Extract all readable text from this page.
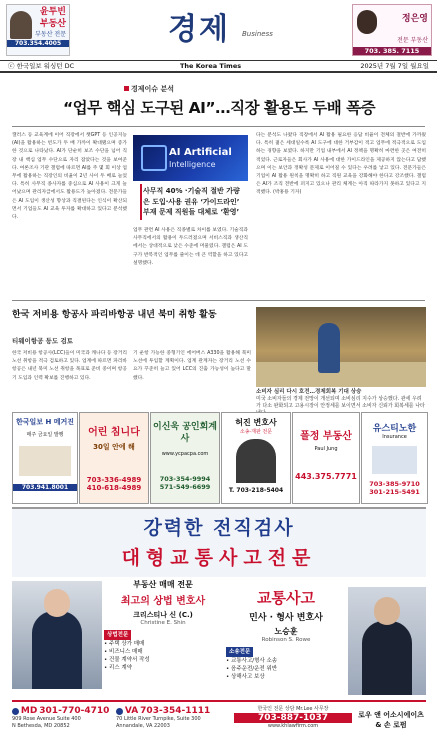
윤투빈
부동산
부동산 전문
703.354.4005	경제 Business
정은영
전문 부동산
703. 385. 7115
ⓒ 한국일보 워싱턴 DC	The Korea Times	2025년 7월 7일 월요일
경제이슈 분석
“업무 핵심 도구된 AI”…직장 활용도 두배 폭증
캘러스 등 교육계에 이어 직장에서 챗GPT 등 인공지능(AI)을 활용하는 빈도가 두 배 가까이 확대됐으며 증가한 것으로 나타났다. AI가 단순히 보조 수단을 넘어 직장 내 핵심 업무 수단으로 자리 잡았다는 것을 보여준다. 여론조사 기관 갤럽에 따르면 AI를 주 몇 회 이상 업무에 활용하는 직장인의 비율이 2년 사이 두 배로 늘었다. 특히 사무직 종사자를 중심으로 AI 사용이 크게 늘어났으며 관리자급에서도 활용도가 높아졌다. 전문가들은 AI 도입이 생산성 향상과 직결된다는 인식이 확산되면서 기업들도 AI 교육 투자를 확대하고 있다고 분석했다.
AI Artificial
Intelligence
사무직 40% ·기술직 절반 가량은 도입·사용 권유 ‘가이드라인’ 부재 문제 직원들 대체로 ‘환영’
업무 관련 AI 사용은 직종별로 차이를 보였다. 기술직과 사무직에서의 활용이 두드러졌으며 서비스직과 생산직에서는 상대적으로 낮은 수준에 머물렀다. 갤럽은 AI 도구가 반복적인 업무를 줄이는 데 큰 역할을 하고 있다고 설명했다.
다는 분석도 나왔다 직장에서 AI 활용 필요한 응답 비율이 전체의 절반에 가까웠다. 특히 젊은 세대일수록 AI 도구에 대한 거부감이 적고 업무에 적극적으로 도입하는 경향을 보였다. 하지만 기업 내부에서 AI 정책을 명확히 마련한 곳은 여전히 적었다. 근로자들은 회사가 AI 사용에 대한 가이드라인을 제공하지 않는다고 답했으며 이는 보안과 정확성 문제로 이어질 수 있다는 우려를 낳고 있다. 전문가들은 기업이 AI 활용 원칙을 명확히 하고 직원 교육을 강화해야 한다고 강조했다. 갤럽은 AI가 조직 전반에 퍼지고 있으나 관리 체계는 아직 따라가지 못하고 있다고 지적했다. (박홍용 기자)
한국 저비용 항공사 파리바항공 내년 북미 취항 활동
티웨이항공 등도 검토
한국 저비용 항공사(LCC)들이 미국과 캐나다 등 장거리 노선 취항을 적극 검토하고 있다. 업계에 따르면 파리바항공은 내년 북미 노선 취항을 목표로 준비 중이며 항공기 도입과 인력 확보를 진행하고 있다.
기 운항 가능한 중형기인 에어버스 A330을 활용해 북미 노선에 투입할 계획이다. 업계 관계자는 장거리 노선 수요가 꾸준히 늘고 있어 LCC의 진출 가능성이 높다고 말했다.
소비자 심리 다시 호전…경제회복 기대 상승
미국 소비자들의 경제 전망이 개선되며 소비심리 지수가 상승했다. 관세 우려가 다소 완화되고 고용시장이 안정세를 보이면서 소비자 신뢰가 회복세를 나타
한국일보 H 메거진
매주 금요일 발행
703.941.8001
어린 침니다
30일 안에 해
703-336-4989
410-618-4989
이신욱 공인회계사
www.ycpacpa.com
703-354-9994
571-549-6699
허진 변호사
소송·재판 전문
T. 703-218-5404
폴정 부동산
Paul Jung
443.375.7771
유스티노한
Insurance
703-385-9710
301-215-5491
강력한 전직검사
대형교통사고전문
부동산 매매 전문
최고의 상법 변호사
크리스티나 신 (C.)
Christine E. Shin
상법전문
• 주택 상가 매매
• 비즈니스 매매
• 건물 계약서 작성
• 리스 계약
교통사고
민사 · 형사 변호사
노승훈
Robinson S. Rowe
소송전문
• 교통사고/형사 소송
• 음주운전/운전 위반
• 상해사고 보상
MD 301-770-4710
909 Rose Avenue Suite 400
N Bethesda, MD 20852
VA 703-354-1111
70 Little River Turnpike, Suite 300
Annandale, VA 22003
한국인 전문 상담 Mr.Lee 사무장
703-887-1037
www.khlawfirm.com
로우 앤 어소시에이츠
& 손 로펌
